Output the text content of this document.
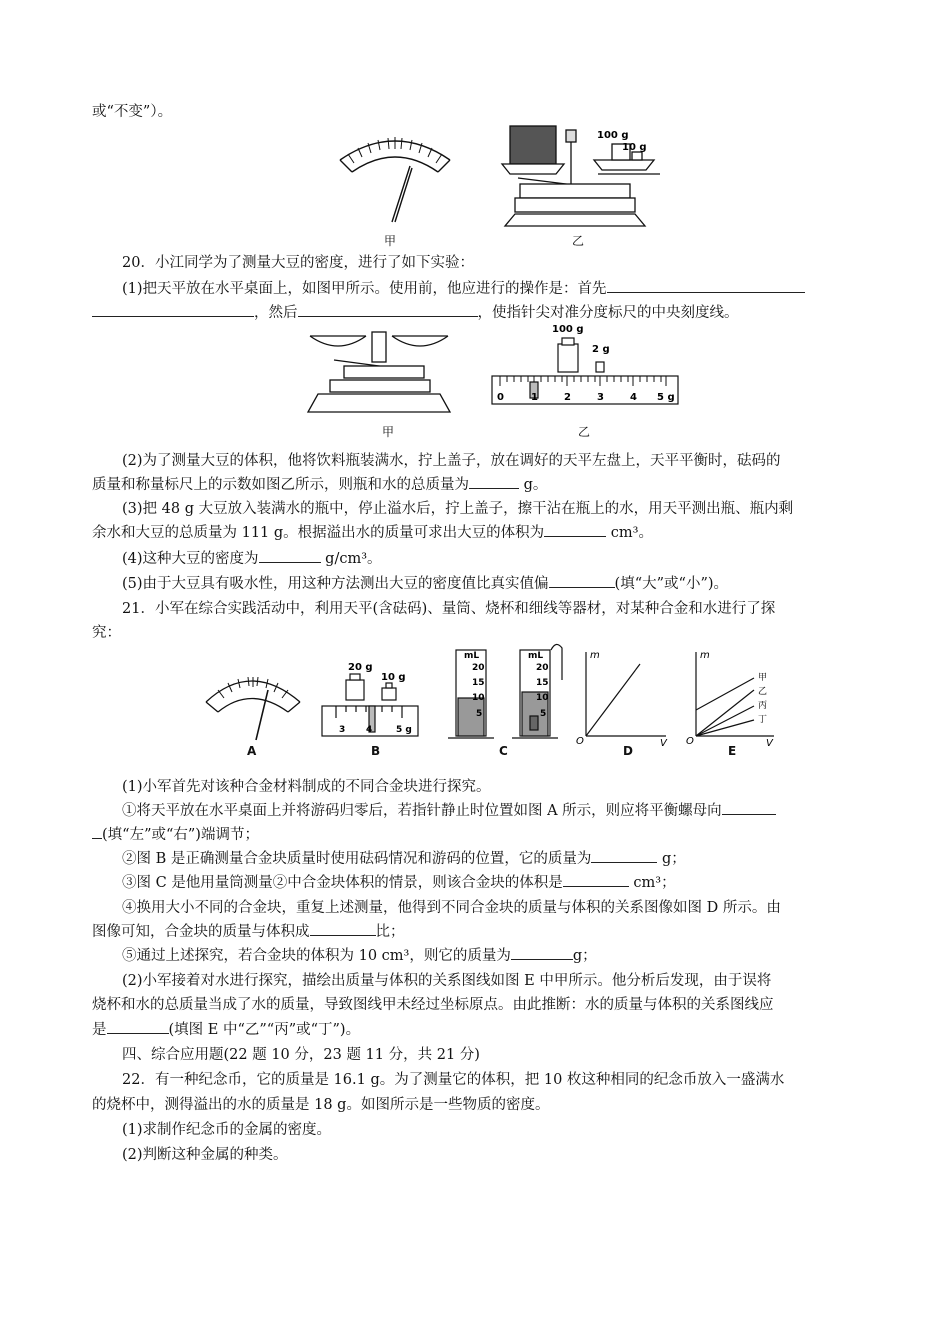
或“不变”）。
100 g
10 g
甲	乙
20．小江同学为了测量大豆的密度，进行了如下实验：
(1)把天平放在水平桌面上，如图甲所示。使用前，他应进行的操作是：首先
，然后	，使指针尖对准分度标尺的中央刻度线。
100 g
2 g
0	1	2	3	4 5 g
甲	乙
(2)为了测量大豆的体积，他将饮料瓶装满水，拧上盖子，放在调好的天平左盘上，天平平衡时，砝码的
质量和称量标尺上的示数如图乙所示，则瓶和水的总质量为	g。
(3)把 48 g 大豆放入装满水的瓶中，停止溢水后，拧上盖子，擦干沾在瓶上的水，用天平测出瓶、瓶内剩
余水和大豆的总质量为 111 g。根据溢出水的质量可求出大豆的体积为	cm³。
(4)这种大豆的密度为	g/cm³。
(5)由于大豆具有吸水性，用这种方法测出大豆的密度值比真实值偏	(填“大”或“小”)。
21．小军在综合实践活动中，利用天平(含砝码)、量筒、烧杯和细线等器材，对某种合金和水进行了探
究：
20 g
10 g
3 4	5 g
mL
20
15
10
5
mL
20
15
10
5
m
V
O
m
V
O
甲
乙
丙
丁
A	B	C	D	E
(1)小军首先对该种合金材料制成的不同合金块进行探究。
①将天平放在水平桌面上并将游码归零后，若指针静止时位置如图 A 所示，则应将平衡螺母向
(填“左”或“右”)端调节；
②图 B 是正确测量合金块质量时使用砝码情况和游码的位置，它的质量为	g；
③图 C 是他用量筒测量②中合金块体积的情景，则该合金块的体积是	cm³；
④换用大小不同的合金块，重复上述测量，他得到不同合金块的质量与体积的关系图像如图 D 所示。由
图像可知，合金块的质量与体积成	比；
⑤通过上述探究，若合金块的体积为 10 cm³，则它的质量为	g；
(2)小军接着对水进行探究，描绘出质量与体积的关系图线如图 E 中甲所示。他分析后发现，由于误将
烧杯和水的总质量当成了水的质量，导致图线甲未经过坐标原点。由此推断：水的质量与体积的关系图线应
是	(填图 E 中“乙”“丙”或“丁”)。
四、综合应用题(22 题 10 分，23 题 11 分，共 21 分)
22．有一种纪念币，它的质量是 16.1 g。为了测量它的体积，把 10 枚这种相同的纪念币放入一盛满水
的烧杯中，测得溢出的水的质量是 18 g。如图所示是一些物质的密度。
(1)求制作纪念币的金属的密度。
(2)判断这种金属的种类。
